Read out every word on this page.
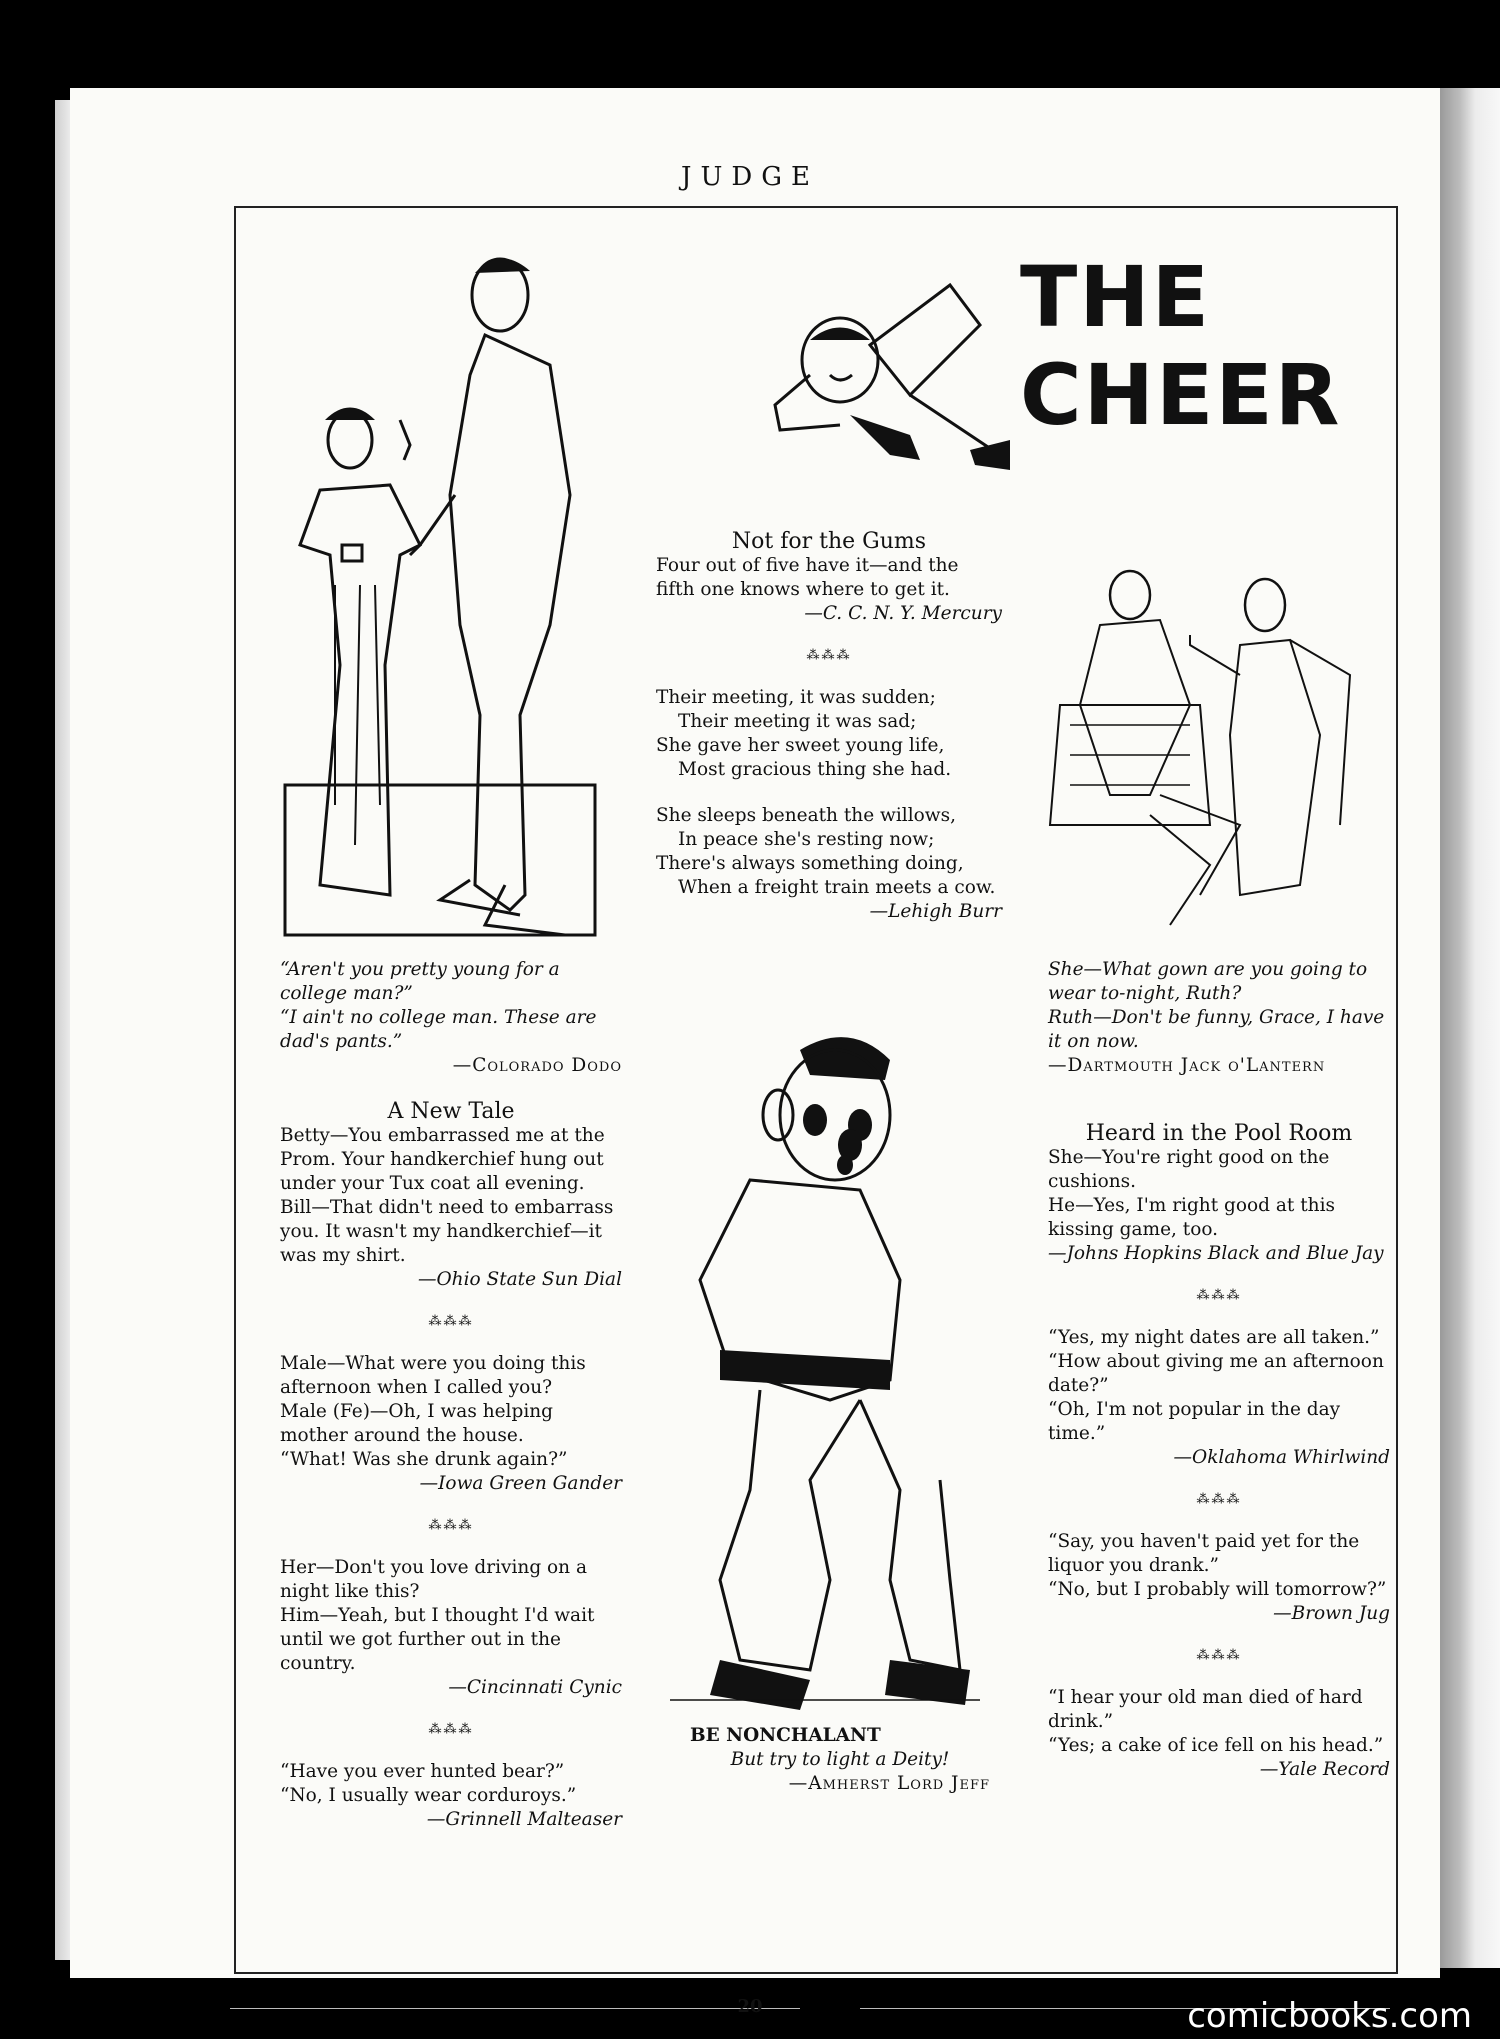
JUDGE
THE CHEER

“Aren't you pretty young for a college man?”

“I ain't no college man. These are dad's pants.”

—Colorado Dodo

A New Tale

Betty—You embarrassed me at the Prom. Your handkerchief hung out under your Tux coat all evening.

Bill—That didn't need to embarrass you. It wasn't my handkerchief—it was my shirt.

—Ohio State Sun Dial

⁂⁂⁂

Male—What were you doing this afternoon when I called you?

Male (Fe)—Oh, I was helping mother around the house.

“What! Was she drunk again?”

—Iowa Green Gander

⁂⁂⁂

Her—Don't you love driving on a night like this?

Him—Yeah, but I thought I'd wait until we got further out in the country.

—Cincinnati Cynic

⁂⁂⁂

“Have you ever hunted bear?”

“No, I usually wear corduroys.”

—Grinnell Malteaser

Not for the Gums

Four out of five have it—and the fifth one knows where to get it.

—C. C. N. Y. Mercury

⁂⁂⁂

Their meeting, it was sudden;

Their meeting it was sad;

She gave her sweet young life,

Most gracious thing she had.

She sleeps beneath the willows,

In peace she's resting now;

There's always something doing,

When a freight train meets a cow.

—Lehigh Burr

BE NONCHALANT

But try to light a Deity!

—Amherst Lord Jeff

She—What gown are you going to wear to-night, Ruth?

Ruth—Don't be funny, Grace, I have it on now.

—Dartmouth Jack o'Lantern

Heard in the Pool Room

She—You're right good on the cushions.

He—Yes, I'm right good at this kissing game, too.

—Johns Hopkins Black and Blue Jay

⁂⁂⁂

“Yes, my night dates are all taken.”

“How about giving me an afternoon date?”

“Oh, I'm not popular in the day time.”

—Oklahoma Whirlwind

⁂⁂⁂

“Say, you haven't paid yet for the liquor you drank.”

“No, but I probably will tomorrow?”

—Brown Jug

⁂⁂⁂

“I hear your old man died of hard drink.”

“Yes; a cake of ice fell on his head.”

—Yale Record

20	comicbooks.com
